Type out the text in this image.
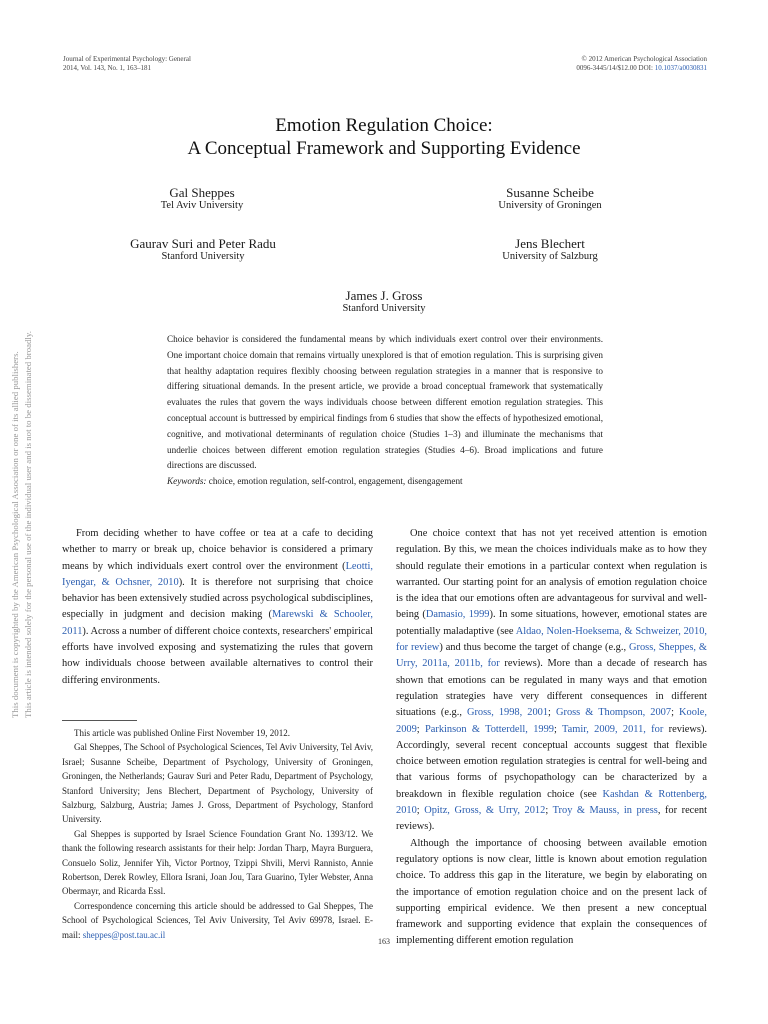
This document is copyrighted by the American Psychological Association or one of its allied publishers. This article is intended solely for the personal use of the individual user and is not to be disseminated broadly.
Journal of Experimental Psychology: General
2014, Vol. 143, No. 1, 163–181
© 2012 American Psychological Association
0096-3445/14/$12.00 DOI: 10.1037/a0030831
Emotion Regulation Choice:
A Conceptual Framework and Supporting Evidence
Gal Sheppes
Tel Aviv University
Susanne Scheibe
University of Groningen
Gaurav Suri and Peter Radu
Stanford University
Jens Blechert
University of Salzburg
James J. Gross
Stanford University
Choice behavior is considered the fundamental means by which individuals exert control over their environments. One important choice domain that remains virtually unexplored is that of emotion regulation. This is surprising given that healthy adaptation requires flexibly choosing between regulation strategies in a manner that is responsive to differing situational demands. In the present article, we provide a broad conceptual framework that systematically evaluates the rules that govern the ways individuals choose between different emotion regulation strategies. This conceptual account is buttressed by empirical findings from 6 studies that show the effects of hypothesized emotional, cognitive, and motivational determinants of regulation choice (Studies 1–3) and illuminate the mechanisms that underlie choices between different emotion regulation strategies (Studies 4–6). Broad implications and future directions are discussed.
Keywords: choice, emotion regulation, self-control, engagement, disengagement

From deciding whether to have coffee or tea at a cafe to deciding whether to marry or break up, choice behavior is considered a primary means by which individuals exert control over the environment (Leotti, Iyengar, & Ochsner, 2010). It is therefore not surprising that choice behavior has been extensively studied across psychological subdisciplines, especially in judgment and decision making (Marewski & Schooler, 2011). Across a number of different choice contexts, researchers' empirical efforts have involved exposing and systematizing the rules that govern how individuals choose between available alternatives to control their differing environments.

This article was published Online First November 19, 2012.

Gal Sheppes, The School of Psychological Sciences, Tel Aviv University, Tel Aviv, Israel; Susanne Scheibe, Department of Psychology, University of Groningen, Groningen, the Netherlands; Gaurav Suri and Peter Radu, Department of Psychology, Stanford University; Jens Blechert, Department of Psychology, University of Salzburg, Salzburg, Austria; James J. Gross, Department of Psychology, Stanford University.

Gal Sheppes is supported by Israel Science Foundation Grant No. 1393/12. We thank the following research assistants for their help: Jordan Tharp, Mayra Burguera, Consuelo Soliz, Jennifer Yih, Victor Portnoy, Tzippi Shvili, Mervi Rannisto, Annie Robertson, Derek Rowley, Ellora Israni, Joan Jou, Tara Guarino, Tyler Webster, Anna Obermayr, and Ricarda Essl.

Correspondence concerning this article should be addressed to Gal Sheppes, The School of Psychological Sciences, Tel Aviv University, Tel Aviv 69978, Israel. E-mail: sheppes@post.tau.ac.il

One choice context that has not yet received attention is emotion regulation. By this, we mean the choices individuals make as to how they should regulate their emotions in a particular context when regulation is warranted. Our starting point for an analysis of emotion regulation choice is the idea that our emotions often are advantageous for survival and well-being (Damasio, 1999). In some situations, however, emotional states are potentially maladaptive (see Aldao, Nolen-Hoeksema, & Schweizer, 2010, for review) and thus become the target of change (e.g., Gross, Sheppes, & Urry, 2011a, 2011b, for reviews). More than a decade of research has shown that emotions can be regulated in many ways and that emotion regulation strategies have very different consequences in different situations (e.g., Gross, 1998, 2001; Gross & Thompson, 2007; Koole, 2009; Parkinson & Totterdell, 1999; Tamir, 2009, 2011, for reviews). Accordingly, several recent conceptual accounts suggest that flexible choice between emotion regulation strategies is central for well-being and that various forms of psychopathology can be characterized by a breakdown in flexible regulation choice (see Kashdan & Rottenberg, 2010; Opitz, Gross, & Urry, 2012; Troy & Mauss, in press, for recent reviews).

Although the importance of choosing between available emotion regulatory options is now clear, little is known about emotion regulation choice. To address this gap in the literature, we begin by elaborating on the importance of emotion regulation choice and on the present lack of supporting empirical evidence. We then present a new conceptual framework and supporting evidence that explain the consequences of implementing different emotion regulation

163
